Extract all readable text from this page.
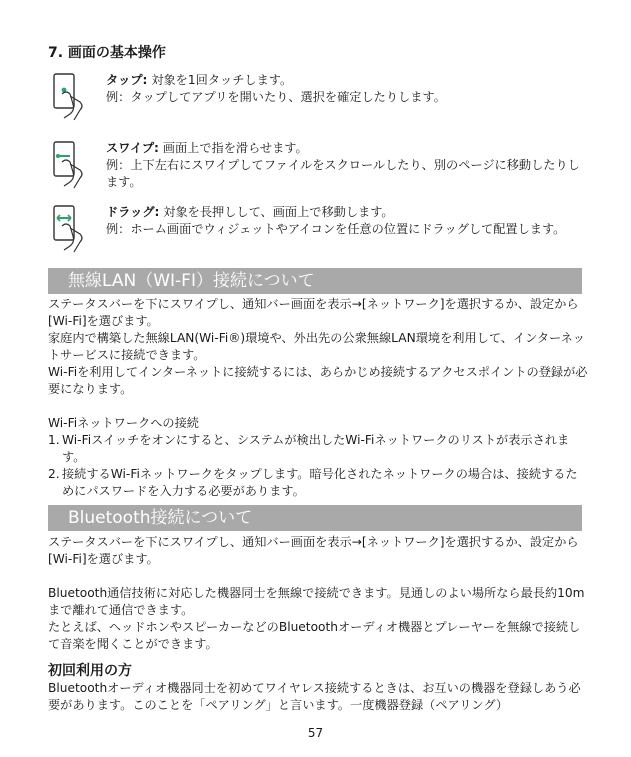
7. 画面の基本操作
タップ: 対象を1回タッチします。
例：タップしてアプリを開いたり、選択を確定したりします。
スワイプ: 画面上で指を滑らせます。
例：上下左右にスワイプしてファイルをスクロールしたり、別のページに移動したりします。
ドラッグ: 対象を長押しして、画面上で移動します。
例：ホーム画面でウィジェットやアイコンを任意の位置にドラッグして配置します。
無線LAN（WI-FI）接続について

ステータスバーを下にスワイプし、通知バー画面を表示→[ネットワーク]を選択するか、設定から[Wi-Fi]を選びます。

家庭内で構築した無線LAN(Wi-Fi®)環境や、外出先の公衆無線LAN環境を利用して、インターネットサービスに接続できます。

Wi-Fiを利用してインターネットに接続するには、あらかじめ接続するアクセスポイントの登録が必要になります。

Wi-Fiネットワークへの接続

1. Wi-Fiスイッチをオンにすると、システムが検出したWi-Fiネットワークのリストが表示されます。
2. 接続するWi-Fiネットワークをタップします。暗号化されたネットワークの場合は、接続するためにパスワードを入力する必要があります。
Bluetooth接続について

ステータスバーを下にスワイプし、通知バー画面を表示→[ネットワーク]を選択するか、設定から[Wi-Fi]を選びます。

Bluetooth通信技術に対応した機器同士を無線で接続できます。見通しのよい場所なら最長約10mまで離れて通信できます。

たとえば、ヘッドホンやスピーカーなどのBluetoothオーディオ機器とプレーヤーを無線で接続して音楽を聞くことができます。

初回利用の方

Bluetoothオーディオ機器同士を初めてワイヤレス接続するときは、お互いの機器を登録しあう必要があります。このことを「ペアリング」と言います。一度機器登録（ペアリング）

57
